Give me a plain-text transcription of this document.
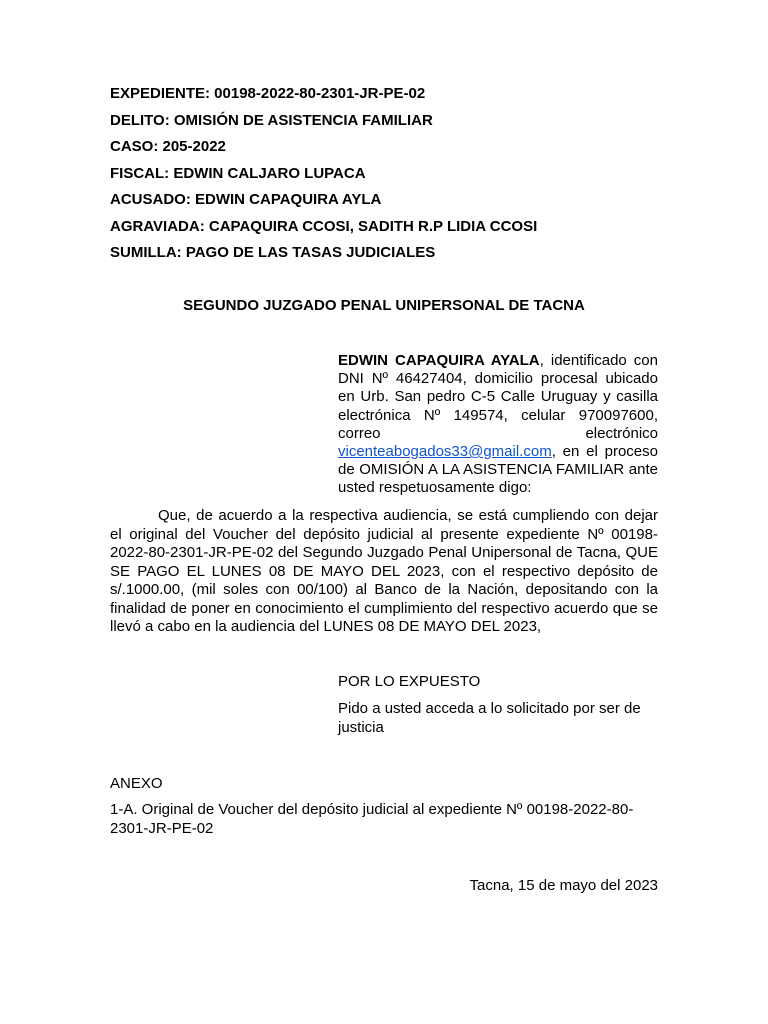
EXPEDIENTE: 00198-2022-80-2301-JR-PE-02
DELITO: OMISIÓN DE ASISTENCIA FAMILIAR
CASO: 205-2022
FISCAL: EDWIN CALJARO LUPACA
ACUSADO: EDWIN CAPAQUIRA AYLA
AGRAVIADA: CAPAQUIRA CCOSI, SADITH R.P LIDIA CCOSI
SUMILLA: PAGO DE LAS TASAS JUDICIALES
SEGUNDO JUZGADO PENAL UNIPERSONAL DE TACNA
EDWIN CAPAQUIRA AYALA, identificado con DNI Nº 46427404, domicilio procesal ubicado en Urb. San pedro C-5 Calle Uruguay y casilla electrónica Nº 149574, celular 970097600, correo electrónico vicenteabogados33@gmail.com, en el proceso de OMISIÓN A LA ASISTENCIA FAMILIAR ante usted respetuosamente digo:
Que, de acuerdo a la respectiva audiencia, se está cumpliendo con dejar el original del Voucher del depósito judicial al presente expediente Nº 00198-2022-80-2301-JR-PE-02 del Segundo Juzgado Penal Unipersonal de Tacna, QUE SE PAGO EL LUNES 08 DE MAYO DEL 2023, con el respectivo depósito de s/.1000.00, (mil soles con 00/100) al Banco de la Nación, depositando con la finalidad de poner en conocimiento el cumplimiento del respectivo acuerdo que se llevó a cabo en la audiencia del LUNES 08 DE MAYO DEL 2023,
POR LO EXPUESTO
Pido a usted acceda a lo solicitado por ser de justicia
ANEXO
1-A. Original de Voucher del depósito judicial al expediente Nº 00198-2022-80-2301-JR-PE-02
Tacna, 15 de mayo del 2023
